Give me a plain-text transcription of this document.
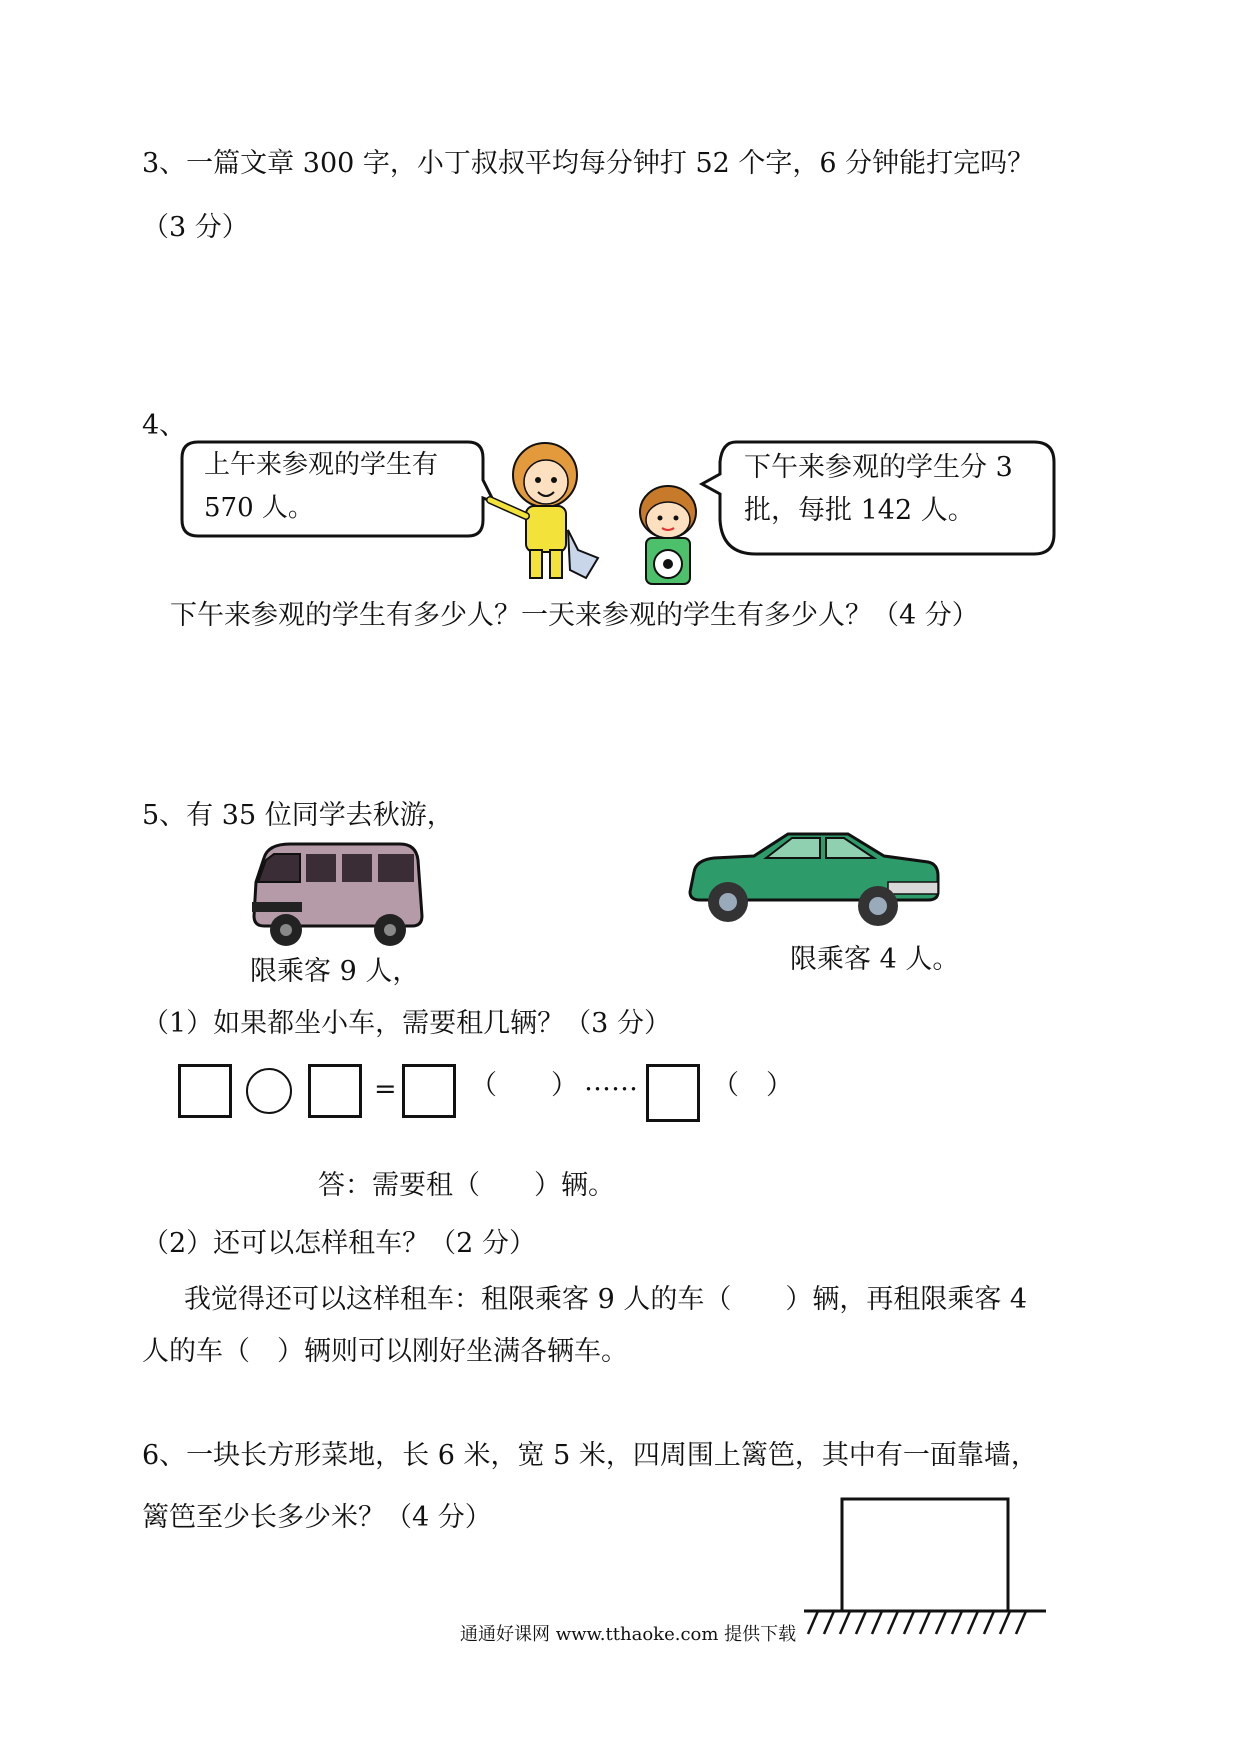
3、一篇文章 300 字，小丁叔叔平均每分钟打 52 个字，6 分钟能打完吗？
（3 分）
4、
上午来参观的学生有
570 人。
下午来参观的学生分 3
批，每批 142 人。
下午来参观的学生有多少人？一天来参观的学生有多少人？（4 分）
5、有 35 位同学去秋游，
限乘客 9 人，	限乘客 4 人。
（1）如果都坐小车，需要租几辆？（3 分）
=	（　　） ……	（　）
答：需要租（　　）辆。
（2）还可以怎样租车？（2 分）
我觉得还可以这样租车：租限乘客 9 人的车（　　）辆，再租限乘客 4
人的车（　）辆则可以刚好坐满各辆车。
6、一块长方形菜地，长 6 米，宽 5 米，四周围上篱笆，其中有一面靠墙，
篱笆至少长多少米？（4 分）
通通好课网 www.tthaoke.com 提供下载
